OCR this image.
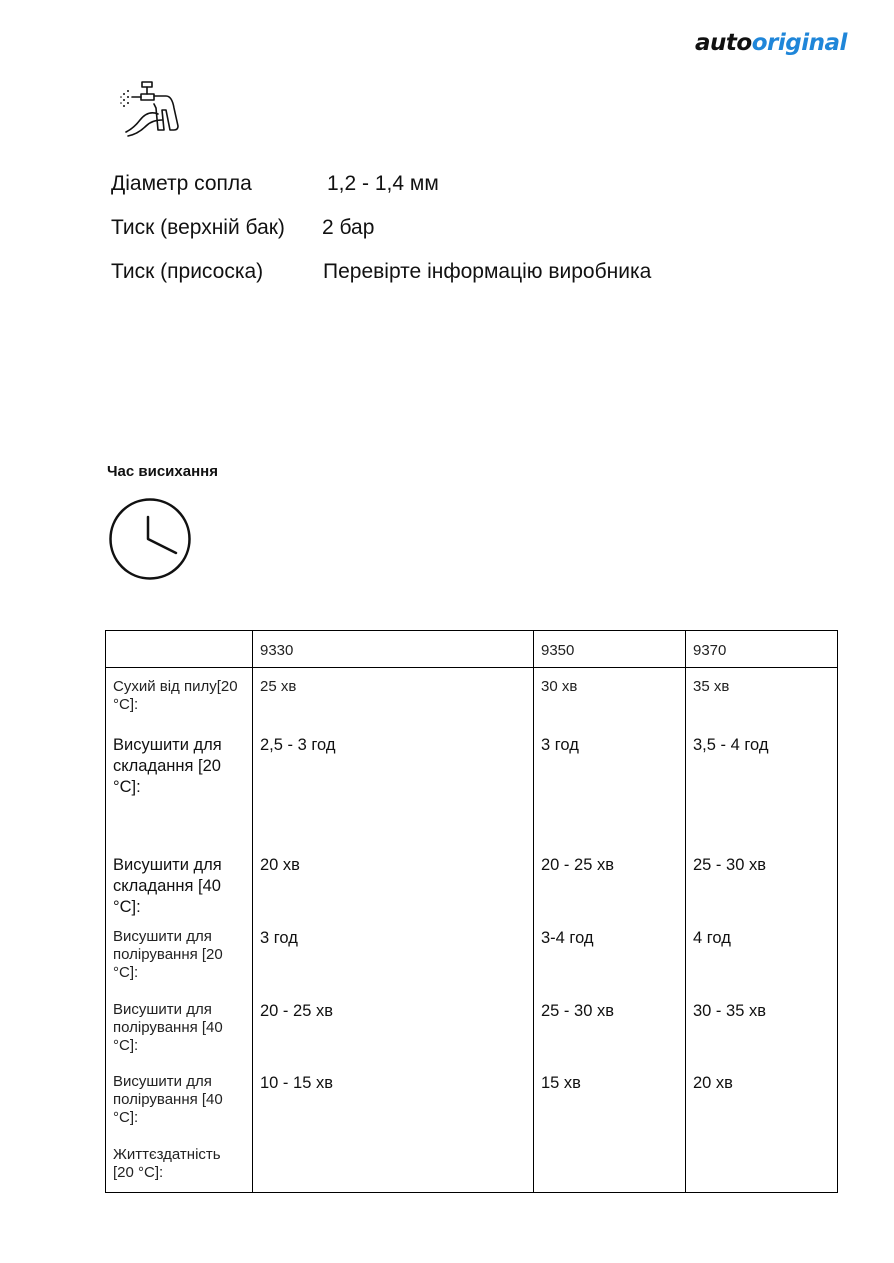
autooriginal
Діаметр сопла	1,2 - 1,4 мм
Тиск (верхній бак) 2 бар
Тиск (присоска)	Перевірте інформацію виробника
Час висихання
	9330	9350	9370
Сухий від пилу[20 °C]:	25 хв	30 хв	35 хв
Висушити для складання [20 °C]:	2,5 - 3 год	3 год	3,5 - 4 год

Висушити для складання [40 °C]:	20 хв	20 - 25 хв	25 - 30 хв
Висушити для полірування [20 °C]:	3 год	3-4 год	4 год
Висушити для полірування [40 °C]:	20 - 25 хв	25 - 30 хв	30 - 35 хв
Висушити для полірування [40 °C]:	10 - 15 хв	15 хв	20 хв
Життєздатність [20 °C]:			
